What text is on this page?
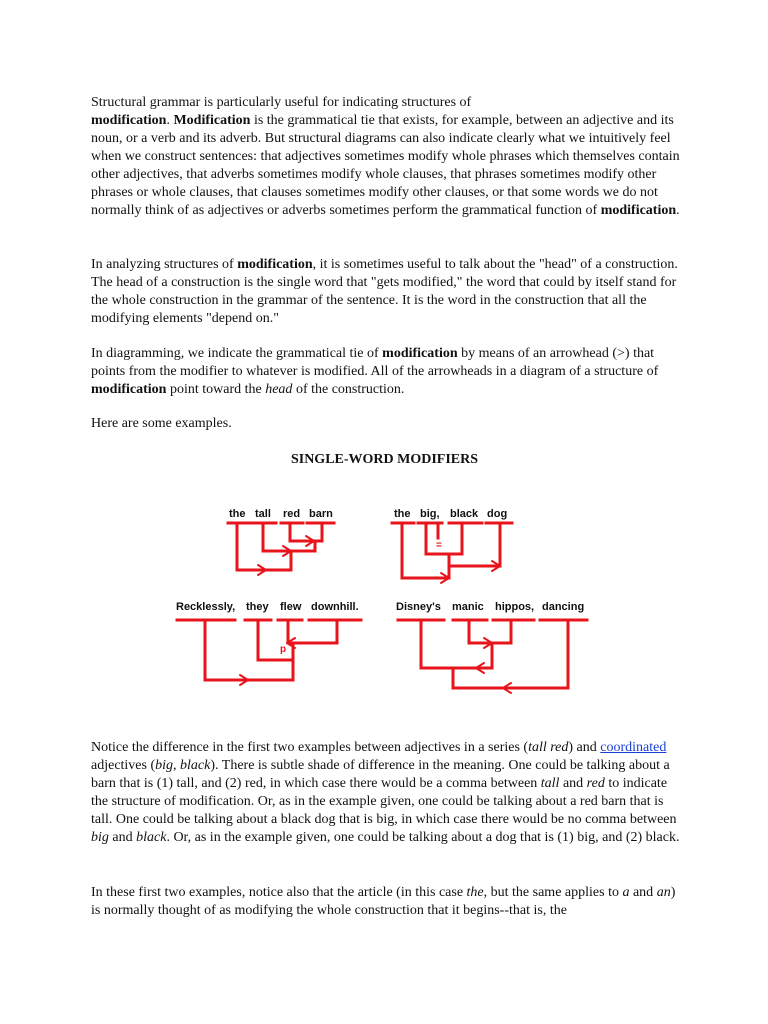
Structural grammar is particularly useful for indicating structures of
modification. Modification is the grammatical tie that exists, for example, between an adjective and its noun, or a verb and its adverb. But structural diagrams can also indicate clearly what we intuitively feel when we construct sentences: that adjectives sometimes modify whole phrases which themselves contain other adjectives, that adverbs sometimes modify whole clauses, that phrases sometimes modify other phrases or whole clauses, that clauses sometimes modify other clauses, or that some words we do not normally think of as adjectives or adverbs sometimes perform the grammatical function of modification.

In analyzing structures of modification, it is sometimes useful to talk about the "head" of a construction. The head of a construction is the single word that "gets modified," the word that could by itself stand for the whole construction in the grammar of the sentence. It is the word in the construction that all the modifying elements "depend on."

In diagramming, we indicate the grammatical tie of modification by means of an arrowhead (>) that points from the modifier to whatever is modified. All of the arrowheads in a diagram of a structure of modification point toward the head of the construction.

Here are some examples.

SINGLE-WORD MODIFIERS

Notice the difference in the first two examples between adjectives in a series (tall red) and coordinated adjectives (big, black). There is subtle shade of difference in the meaning. One could be talking about a barn that is (1) tall, and (2) red, in which case there would be a comma between tall and red to indicate the structure of modification. Or, as in the example given, one could be talking about a red barn that is tall. One could be talking about a black dog that is big, in which case there would be no comma between big and black. Or, as in the example given, one could be talking about a dog that is (1) big, and (2) black.

In these first two examples, notice also that the article (in this case the, but the same applies to a and an) is normally thought of as modifying the whole construction that it begins--that is, the

the tall red barn	the big, black dog
=
Recklessly, they flew downhill.
p
Disney's manic hippos, dancing
